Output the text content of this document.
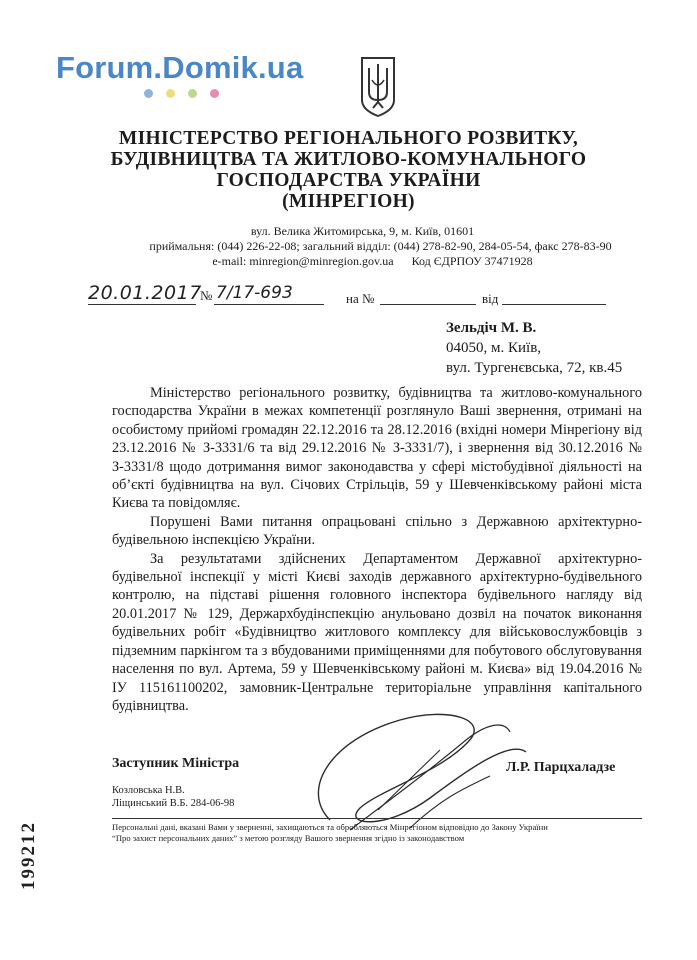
Forum.Domik.ua
МІНІСТЕРСТВО РЕГІОНАЛЬНОГО РОЗВИТКУ,
БУДІВНИЦТВА ТА ЖИТЛОВО-КОМУНАЛЬНОГО
ГОСПОДАРСТВА УКРАЇНИ
(МІНРЕГІОН)
вул. Велика Житомирська, 9, м. Київ, 01601
приймальня: (044) 226-22-08; загальний відділ: (044) 278-82-90, 284-05-54, факс 278-83-90
e-mail: minregion@minregion.gov.ua Код ЄДРПОУ 37471928
20.01.2017
№ 7/17-693	на №	від
Зельдіч М. В.
04050, м. Київ,
вул. Тургенєвська, 72, кв.45

Міністерство регіонального розвитку, будівництва та житлово-комунального господарства України в межах компетенції розглянуло Ваші звернення, отримані на особистому прийомі громадян 22.12.2016 та 28.12.2016 (вхідні номери Мінрегіону від 23.12.2016 № З-3331/6 та від 29.12.2016 № З-3331/7), і звернення від 30.12.2016 № З-3331/8 щодо дотримання вимог законодавства у сфері містобудівної діяльності на об’єкті будівництва на вул. Січових Стрільців, 59 у Шевченківському районі міста Києва та повідомляє.

Порушені Вами питання опрацьовані спільно з Державною архітектурно-будівельною інспекцією України.

За результатами здійснених Департаментом Державної архітектурно-будівельної інспекції у місті Києві заходів державного архітектурно-будівельного контролю, на підставі рішення головного інспектора будівельного нагляду від 20.01.2017 № 129, Держархбудінспекцію анульовано дозвіл на початок виконання будівельних робіт «Будівництво житлового комплексу для військовослужбовців з підземним паркінгом та з вбудованими приміщеннями для побутового обслуговування населення по вул. Артема, 59 у Шевченківському районі м. Києва» від 19.04.2016 № ІУ 115161100202, замовник-Центральне територіальне управління капітального будівництва.

Заступник Міністра	Л.Р. Парцхаладзе
Козловська Н.В.
Ліщинський В.Б. 284-06-98
Персональні дані, вказані Вами у зверненні, захищаються та обробляються Мінрегіоном відповідно до Закону України
“Про захист персональних даних” з метою розгляду Вашого звернення згідно із законодавством
199212
